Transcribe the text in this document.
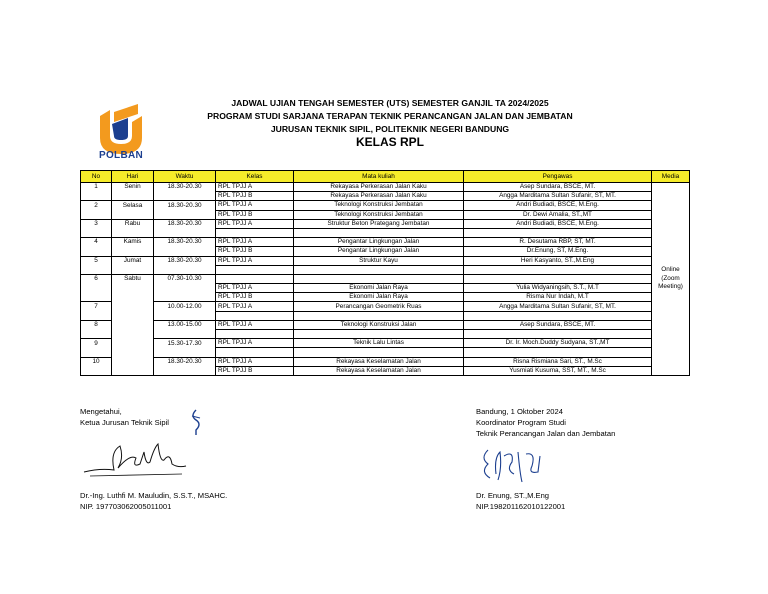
POLBAN
JADWAL UJIAN TENGAH SEMESTER (UTS) SEMESTER GANJIL TA 2024/2025
PROGRAM STUDI SARJANA TERAPAN TEKNIK PERANCANGAN JALAN DAN JEMBATAN
JURUSAN TEKNIK SIPIL, POLITEKNIK NEGERI BANDUNG
KELAS RPL
No	Hari	Waktu	Kelas	Mata kuliah	Pengawas	Media
1	Senin	18.30-20.30	RPL TPJJ A	Rekayasa Perkerasan Jalan Kaku	Asep Sundara, BSCE, MT.	Online (Zoom Meeting)
			RPL TPJJ B	Rekayasa Perkerasan Jalan Kaku	Angga Marditama Sultan Sufanir, ST, MT.	
2	Selasa	18.30-20.30	RPL TPJJ A	Teknologi Konstruksi Jembatan	Andri Budiadi, BSCE, M.Eng.	
			RPL TPJJ B	Teknologi Konstruksi Jembatan	Dr. Dewi Amalia, ST.,MT	
3	Rabu	18.30-20.30	RPL TPJJ A	Struktur Beton Prategang Jembatan	Andri Budiadi, BSCE, M.Eng.	

4	Kamis	18.30-20.30	RPL TPJJ A	Pengantar Lingkungan Jalan	R. Desutama RBP, ST, MT.	
			RPL TPJJ B	Pengantar Lingkungan Jalan	Dr.Enung, ST, M.Eng.	
5	Jumat	18.30-20.30	RPL TPJJ A	Struktur Kayu	Heri Kasyanto, ST.,M.Eng	

6	Sabtu	07.30-10.30				
			RPL TPJJ A	Ekonomi Jalan Raya	Yulia Widyaningsih, S.T., M.T	
			RPL TPJJ B	Ekonomi Jalan Raya	Risma Nur Indah, M.T	
7		10.00-12.00	RPL TPJJ A	Perancangan Geometrik Ruas	Angga Marditama Sultan Sufanir, ST, MT.	

8		13.00-15.00	RPL TPJJ A	Teknologi Konstruksi Jalan	Asep Sundara, BSCE, MT.	

9		15.30-17.30	RPL TPJJ A	Teknik Lalu Lintas	Dr. Ir. Moch.Duddy Sudyana, ST.,MT	

10		18.30-20.30	RPL TPJJ A	Rekayasa Keselamatan Jalan	Risna Rismiana Sari, ST., M.Sc	
			RPL TPJJ B	Rekayasa Keselamatan Jalan	Yusmiati Kusuma, SST, MT., M.Sc	
Mengetahui,
Ketua Jurusan Teknik Sipil
Dr.-Ing. Luthfi M. Mauludin, S.S.T., MSAHC.
NIP. 197703062005011001
Bandung, 1 Oktober 2024
Koordinator Program Studi
Teknik Perancangan Jalan dan Jembatan
Dr. Enung, ST.,M.Eng
NIP.198201162010122001
